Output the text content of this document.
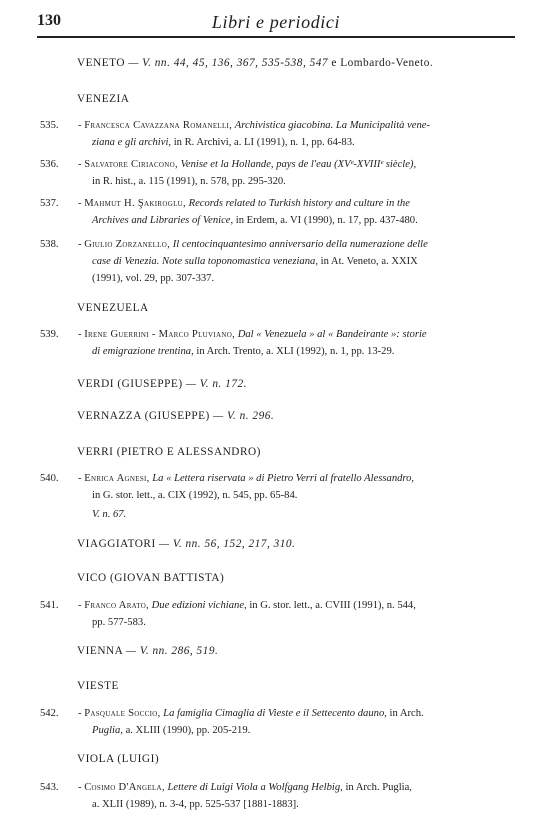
130	Libri e periodici
VENETO — V. nn. 44, 45, 136, 367, 535-538, 547 e Lombardo-Veneto.
VENEZIA
535.	- Francesca Cavazzana Romanelli, Archivistica giacobina. La Municipalità vene-
ziana e gli archivi, in R. Archivi, a. LI (1991), n. 1, pp. 64-83.
536.	- Salvatore Ciriacono, Venise et la Hollande, pays de l'eau (XVᵉ-XVIIIᵉ siècle),
in R. hist., a. 115 (1991), n. 578, pp. 295-320.
537.	- Mahmut H. Şakiroglu, Records related to Turkish history and culture in the
Archives and Libraries of Venice, in Erdem, a. VI (1990), n. 17, pp. 437-480.
538.	- Giulio Zorzanello, Il centocinquantesimo anniversario della numerazione delle
case di Venezia. Note sulla toponomastica veneziana, in At. Veneto, a. XXIX
(1991), vol. 29, pp. 307-337.
VENEZUELA
539.	- Irene Guerrini - Marco Pluviano, Dal « Venezuela » al « Bandeirante »: storie
di emigrazione trentina, in Arch. Trento, a. XLI (1992), n. 1, pp. 13-29.
VERDI (GIUSEPPE) — V. n. 172.
VERNAZZA (GIUSEPPE) — V. n. 296.
VERRI (PIETRO E ALESSANDRO)
540.	- Enrica Agnesi, La « Lettera riservata » di Pietro Verri al fratello Alessandro,
in G. stor. lett., a. CIX (1992), n. 545, pp. 65-84.
V. n. 67.
VIAGGIATORI — V. nn. 56, 152, 217, 310.
VICO (GIOVAN BATTISTA)
541.	- Franco Arato, Due edizioni vichiane, in G. stor. lett., a. CVIII (1991), n. 544,
pp. 577-583.
VIENNA — V. nn. 286, 519.
VIESTE
542.	- Pasquale Soccio, La famiglia Cimaglia di Vieste e il Settecento dauno, in Arch.
Puglia, a. XLIII (1990), pp. 205-219.
VIOLA (LUIGI)
543.	- Cosimo D'Angela, Lettere di Luigi Viola a Wolfgang Helbig, in Arch. Puglia,
a. XLII (1989), n. 3-4, pp. 525-537 [1881-1883].
